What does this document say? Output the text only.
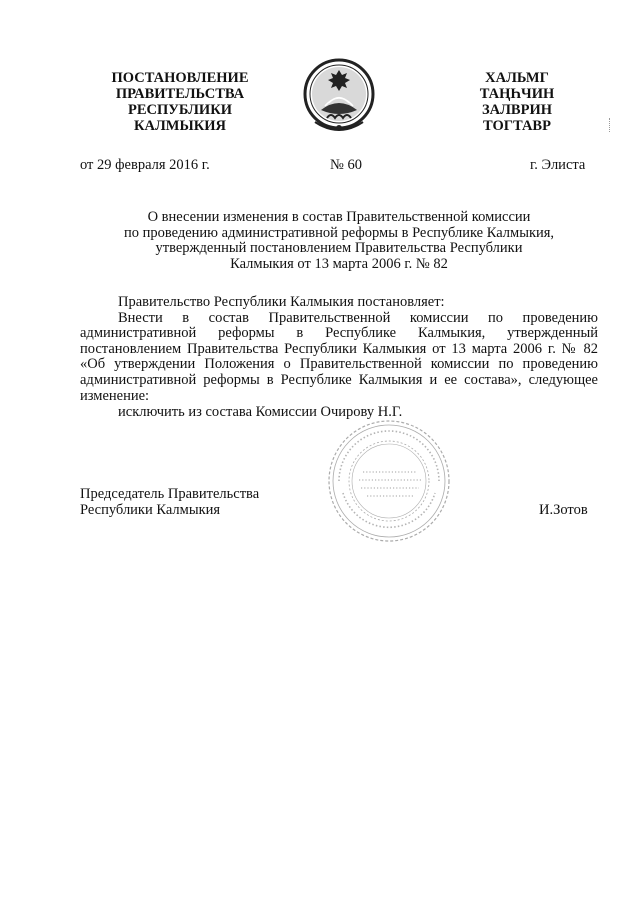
ПОСТАНОВЛЕНИЕ
ПРАВИТЕЛЬСТВА
РЕСПУБЛИКИ
КАЛМЫКИЯ
ХАЛЬМГ
ТАҢҺЧИН
ЗАЛВРИН
ТОГТАВР
от 29 февраля 2016 г.	№ 60	г. Элиста
О внесении изменения в состав Правительственной комиссии
по проведению административной реформы в Республике Калмыкия,
утвержденный постановлением Правительства Республики
Калмыкия от 13 марта 2006 г. № 82
Правительство Республики Калмыкия постановляет:
Внести в состав Правительственной комиссии по проведению
административной реформы в Республике Калмыкия, утвержденный
постановлением Правительства Республики Калмыкия от 13 марта 2006 г. № 82
«Об утверждении Положения о Правительственной комиссии по проведению
административной реформы в Республике Калмыкия и ее состава», следующее
изменение:
исключить из состава Комиссии Очирову Н.Г.
Председатель Правительства
Республики Калмыкия	И.Зотов
